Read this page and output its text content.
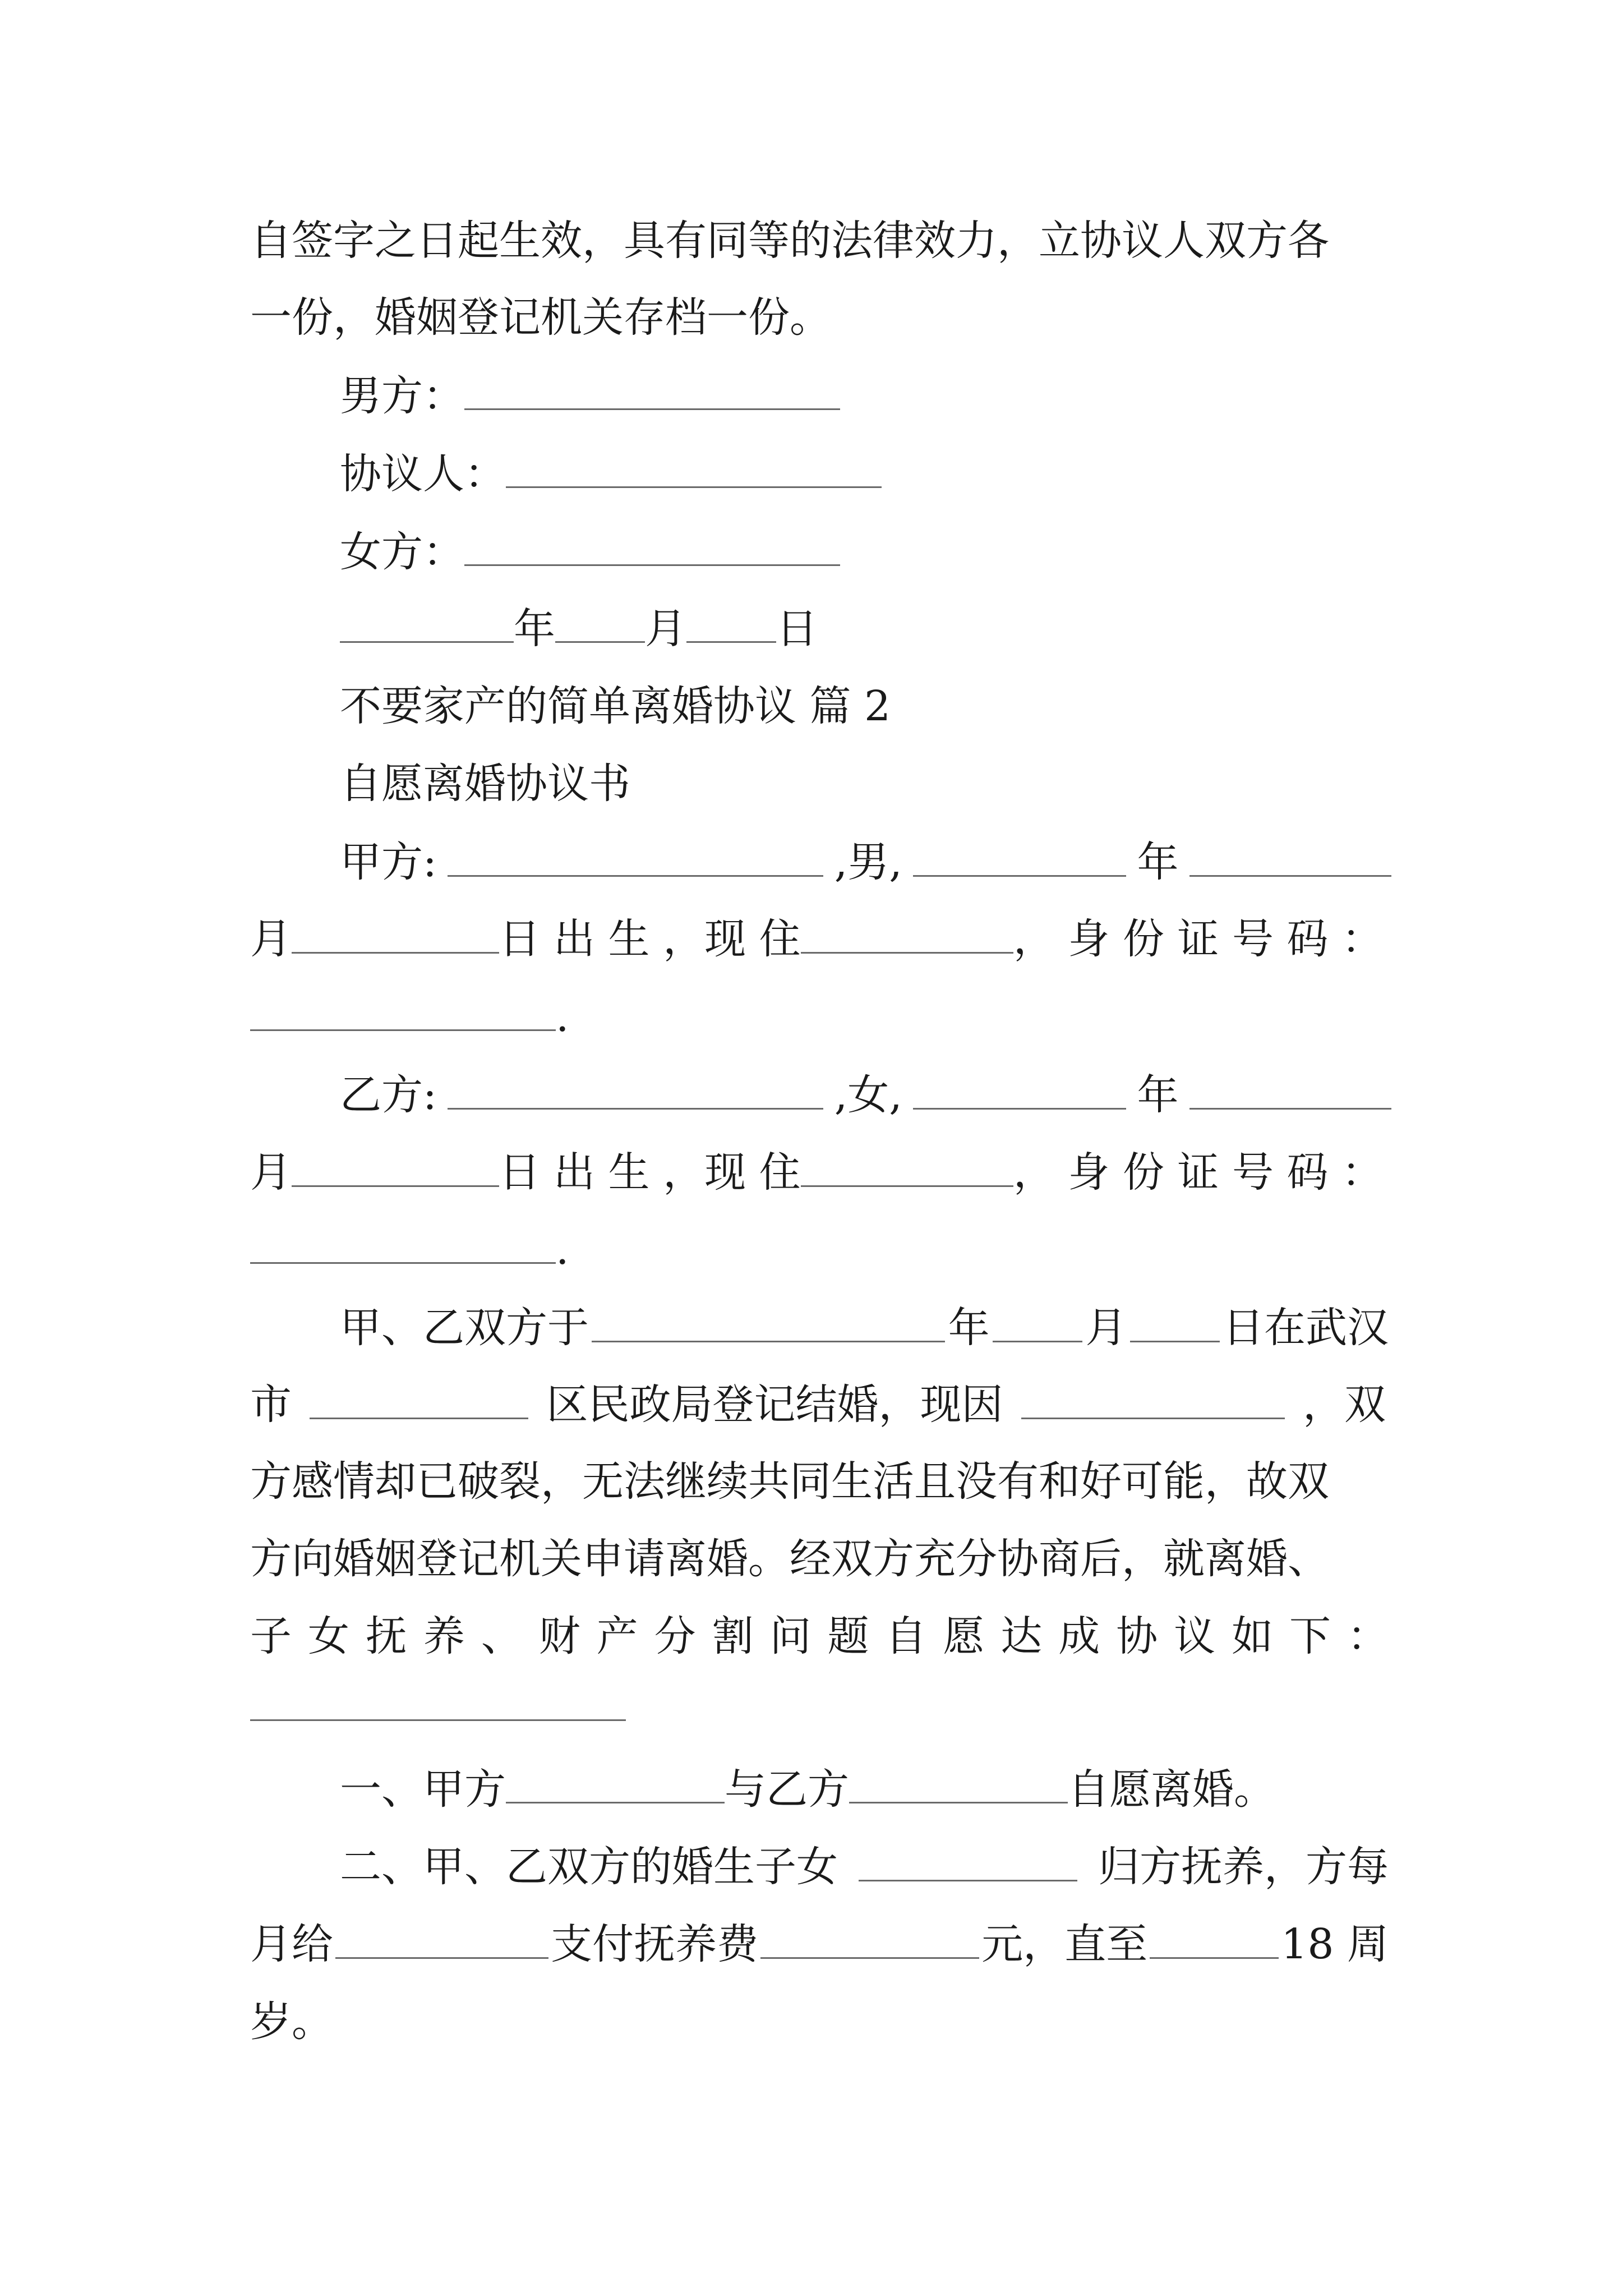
自签字之日起生效，具有同等的法律效力，立协议人双方各
一份，婚姻登记机关存档一份。
男方：
协议人：
女方：
年 月 日
不要家产的简单离婚协议 篇 2
自愿离婚协议书
甲方:	,男,	年
月	日 出 生 ， 现 住	， 身 份 证 号 码 ：
.
乙方:	,女,	年
月	日 出 生 ， 现 住	， 身 份 证 号 码 ：
.
甲、乙双方于	年 月 日在武汉
市	区民政局登记结婚，现因	，双
方感情却已破裂，无法继续共同生活且没有和好可能，故双
方向婚姻登记机关申请离婚。经双方充分协商后，就离婚、
子 女 抚 养 、 财 产 分 割 问 题 自 愿 达 成 协 议 如 下 ：
一、甲方	与乙方	自愿离婚。
二、甲、乙双方的婚生子女	归方抚养，方每
月给	支付抚养费	元，直至	18 周
岁。
